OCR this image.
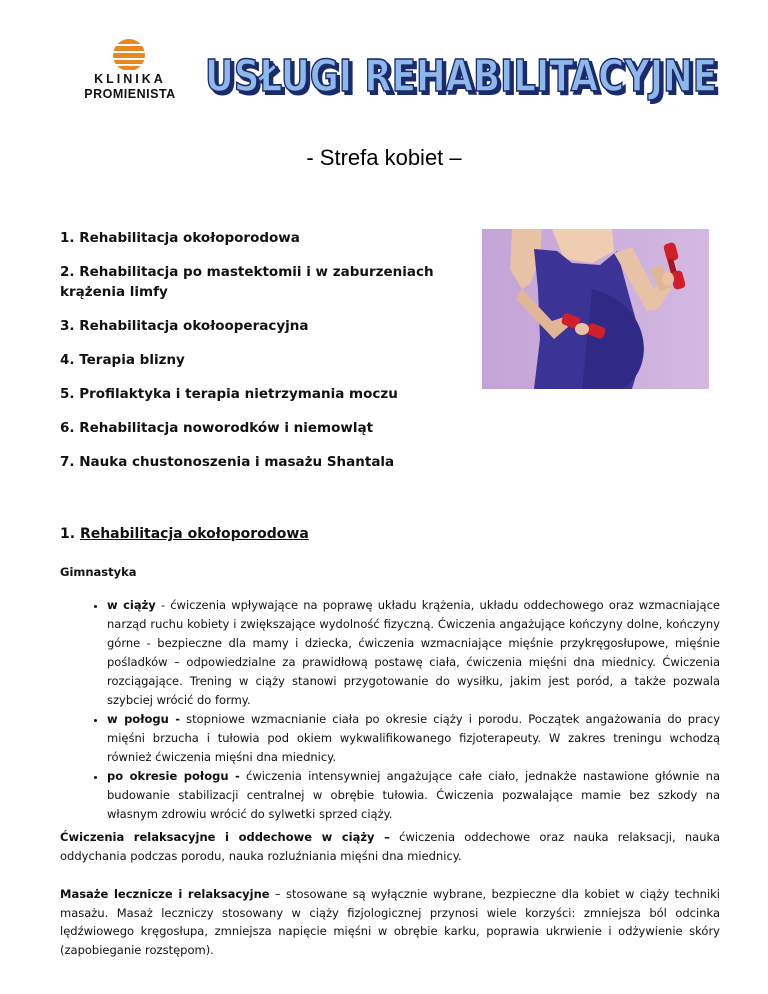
KLINIKA
PROMIENISTA USŁUGI REHABILITACYJNE
USŁUGI REHABILITACYJNE
- Strefa kobiet –
1. Rehabilitacja okołoporodowa
2. Rehabilitacja po mastektomii i w zaburzeniach krążenia limfy
3. Rehabilitacja okołooperacyjna
4. Terapia blizny
5. Profilaktyka i terapia nietrzymania moczu
6. Rehabilitacja noworodków i niemowląt
7. Nauka chustonoszenia i masażu Shantala
1. Rehabilitacja okołoporodowa
Gimnastyka
• w ciąży - ćwiczenia wpływające na poprawę układu krążenia, układu oddechowego oraz wzmacniające narząd ruchu kobiety i zwiększające wydolność fizyczną. Ćwiczenia angażujące kończyny dolne, kończyny górne - bezpieczne dla mamy i dziecka, ćwiczenia wzmacniające mięśnie przykręgosłupowe, mięśnie pośladków – odpowiedzialne za prawidłową postawę ciała, ćwiczenia mięśni dna miednicy. Ćwiczenia rozciągające. Trening w ciąży stanowi przygotowanie do wysiłku, jakim jest poród, a także pozwala szybciej wrócić do formy.
• w połogu - stopniowe wzmacnianie ciała po okresie ciąży i porodu. Początek angażowania do pracy mięśni brzucha i tułowia pod okiem wykwalifikowanego fizjoterapeuty. W zakres treningu wchodzą również ćwiczenia mięśni dna miednicy.
• po okresie połogu - ćwiczenia intensywniej angażujące całe ciało, jednakże nastawione głównie na budowanie stabilizacji centralnej w obrębie tułowia. Ćwiczenia pozwalające mamie bez szkody na własnym zdrowiu wrócić do sylwetki sprzed ciąży.

Ćwiczenia relaksacyjne i oddechowe w ciąży – ćwiczenia oddechowe oraz nauka relaksacji, nauka oddychania podczas porodu, nauka rozluźniania mięśni dna miednicy.

Masaże lecznicze i relaksacyjne – stosowane są wyłącznie wybrane, bezpieczne dla kobiet w ciąży techniki masażu. Masaż leczniczy stosowany w ciąży fizjologicznej przynosi wiele korzyści: zmniejsza ból odcinka lędźwiowego kręgosłupa, zmniejsza napięcie mięśni w obrębie karku, poprawia ukrwienie i odżywienie skóry (zapobieganie rozstępom).
